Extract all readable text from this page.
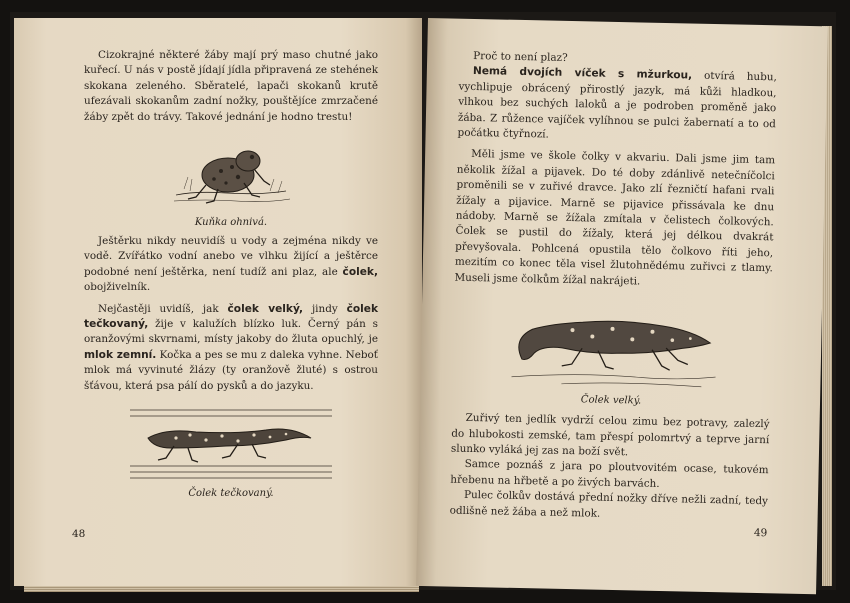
Cizokrajné některé žáby mají prý maso chutné jako kuřecí. U nás v postě jídají jídla připravená ze stehének skokana zeleného. Sběratelé, lapači skokanů krutě ufezávali skokanům zadní nožky, pouštějíce zmrzačené žáby zpět do trávy. Takové jednání je hodno trestu!

Kuňka ohnivá.

Ještěrku nikdy neuvidíš u vody a zejména nikdy ve vodě. Zvířátko vodní anebo ve vlhku žijící a ještěrce podobné není ještěrka, není tudíž ani plaz, ale čolek, obojživelník.

Nejčastěji uvidíš, jak čolek velký, jindy čolek tečkovaný, žije v kalužích blízko luk. Černý pán s oranžovými skvrnami, místy jakoby do žluta opuchlý, je mlok zemní. Kočka a pes se mu z daleka vyhne. Neboť mlok má vyvinuté žlázy (ty oranžově žluté) s ostrou šťávou, která psa pálí do pysků a do jazyku.

Čolek tečkovaný.
48

Proč to není plaz?

Nemá dvojích víček s mžurkou, otvírá hubu, vychlipuje obrácený přirostlý jazyk, má kůži hladkou, vlhkou bez suchých laloků a je podroben proměně jako žába. Z růžence vajíček vylíhnou se pulci žabernatí a to od počátku čtyřnozí.

Měli jsme ve škole čolky v akvariu. Dali jsme jim tam několik žížal a pijavek. Do té doby zdánlivě netečníčolci proměnili se v zuřivé dravce. Jako zlí řezničtí hafani rvali žížaly a pijavice. Marně se pijavice přissávala ke dnu nádoby. Marně se žížala zmítala v čelistech čolkových. Čolek se pustil do žížaly, která jej délkou dvakrát převyšovala. Pohlcená opustila tělo čolkovo říti jeho, mezitím co konec těla visel žlutohnědému zuřivci z tlamy. Museli jsme čolkům žížal nakrájeti.

Čolek velký.

Zuřivý ten jedlík vydrží celou zimu bez potravy, zalezlý do hlubokosti zemské, tam přespí polomrtvý a teprve jarní slunko vyláká jej zas na boží svět.

Samce poznáš z jara po ploutvovitém ocase, tukovém hřebenu na hřbetě a po živých barvách.

Pulec čolkův dostává přední nožky dříve nežli zadní, tedy odlišně než žába a než mlok.

49
